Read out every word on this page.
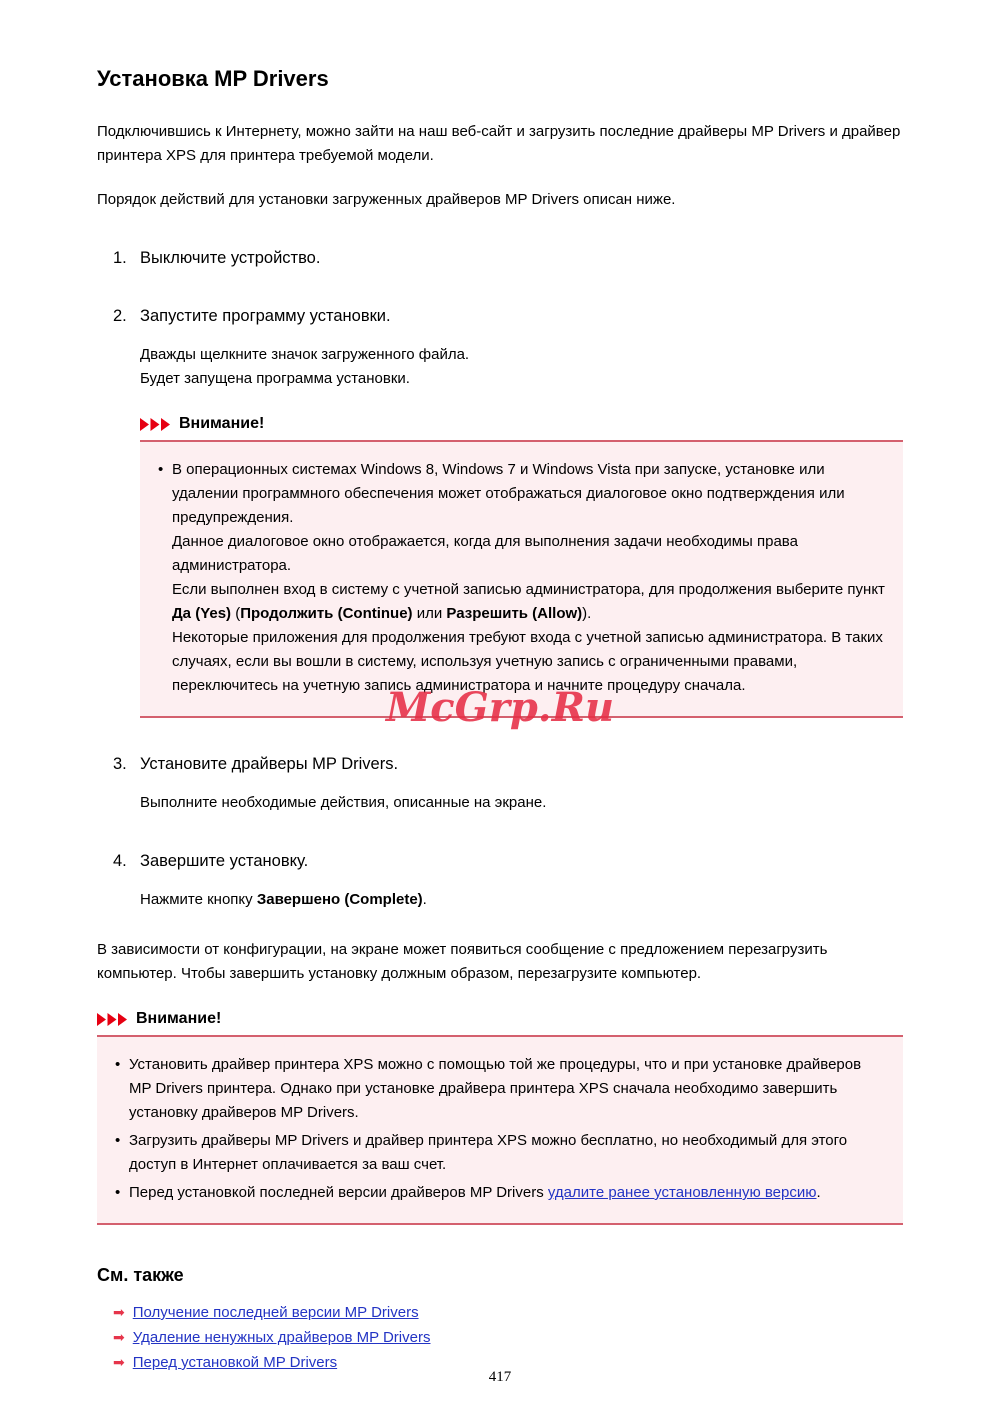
Установка MP Drivers

Подключившись к Интернету, можно зайти на наш веб-сайт и загрузить последние драйверы MP Drivers и драйвер принтера XPS для принтера требуемой модели.

Порядок действий для установки загруженных драйверов MP Drivers описан ниже.

1. Выключите устройство.
2. Запустите программу установки.
Дважды щелкните значок загруженного файла.
Будет запущена программа установки.
Внимание!
• В операционных системах Windows 8, Windows 7 и Windows Vista при запуске, установке или удалении программного обеспечения может отображаться диалоговое окно подтверждения или предупреждения.
Данное диалоговое окно отображается, когда для выполнения задачи необходимы права администратора.
Если выполнен вход в систему с учетной записью администратора, для продолжения выберите пункт Да (Yes) (Продолжить (Continue) или Разрешить (Allow)).
Некоторые приложения для продолжения требуют входа с учетной записью администратора. В таких случаях, если вы вошли в систему, используя учетную запись с ограниченными правами, переключитесь на учетную запись администратора и начните процедуру сначала.
3. Установите драйверы MP Drivers.
Выполните необходимые действия, описанные на экране.
4. Завершите установку.
Нажмите кнопку Завершено (Complete).

В зависимости от конфигурации, на экране может появиться сообщение с предложением перезагрузить компьютер. Чтобы завершить установку должным образом, перезагрузите компьютер.

Внимание!
• Установить драйвер принтера XPS можно с помощью той же процедуры, что и при установке драйверов MP Drivers принтера. Однако при установке драйвера принтера XPS сначала необходимо завершить установку драйверов MP Drivers.
• Загрузить драйверы MP Drivers и драйвер принтера XPS можно бесплатно, но необходимый для этого доступ в Интернет оплачивается за ваш счет.
• Перед установкой последней версии драйверов MP Drivers удалите ранее установленную версию.
См. также
➡ Получение последней версии MP Drivers
➡ Удаление ненужных драйверов MP Drivers
➡ Перед установкой MP Drivers
McGrp.Ru
417
